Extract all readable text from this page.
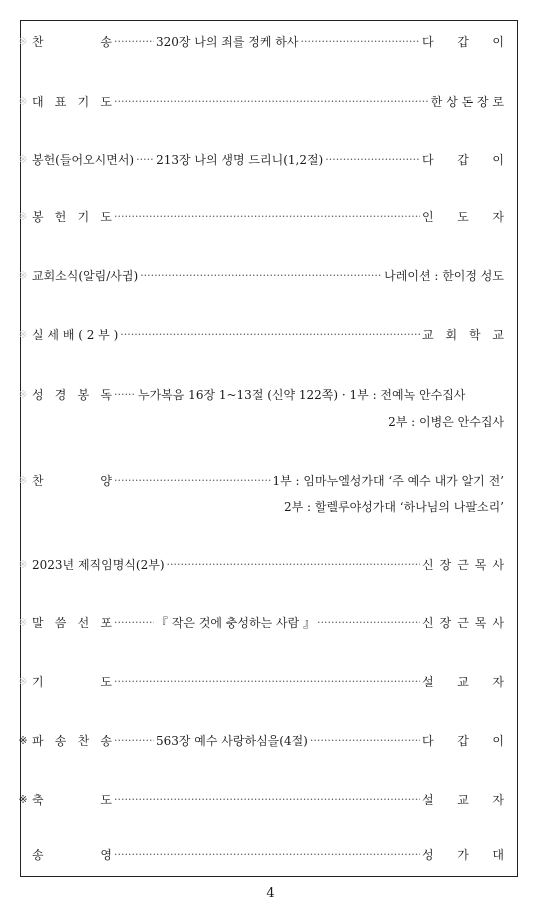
※ 찬	송 ·····	320장 나의 죄를 정케 하사 ·····	다 갑 이
※ 대 표 기 도 ·····	한 상 돈 장 로
※ 봉헌(들어오시면서) ····· 213장 나의 생명 드리니(1,2절) ·····	다 갑 이
※ 봉 헌 기 도 ·····	인 도 자
※ 교회소식(알림/사귐) ·····	나레이션 : 한이정 성도
※ 실 세 배 ( 2 부 ) ·····	교 회 학 교
※ 성 경 봉 독 ····· 누가복음 16장 1~13절 (신약 122쪽) · 1부 : 전예녹 안수집사
2부 : 이병은 안수집사
※ 찬	양 ·····	1부 : 임마누엘성가대 ‘주 예수 내가 알기 전’
2부 : 할렐루야성가대 ‘하나님의 나팔소리’
※ 2023년 제직임명식(2부) ·····	신 장 근 목 사
※ 말 씀 선 포 ·····	『 작은 것에 충성하는 사람 』 ·····	신 장 근 목 사
※ 기	도 ·····	설 교 자
※ 파 송 찬 송 ·····	563장 예수 사랑하심을(4절) ·····	다 갑 이
※ 축	도 ·····	설 교 자
송	영 ·····	성 가 대
4
